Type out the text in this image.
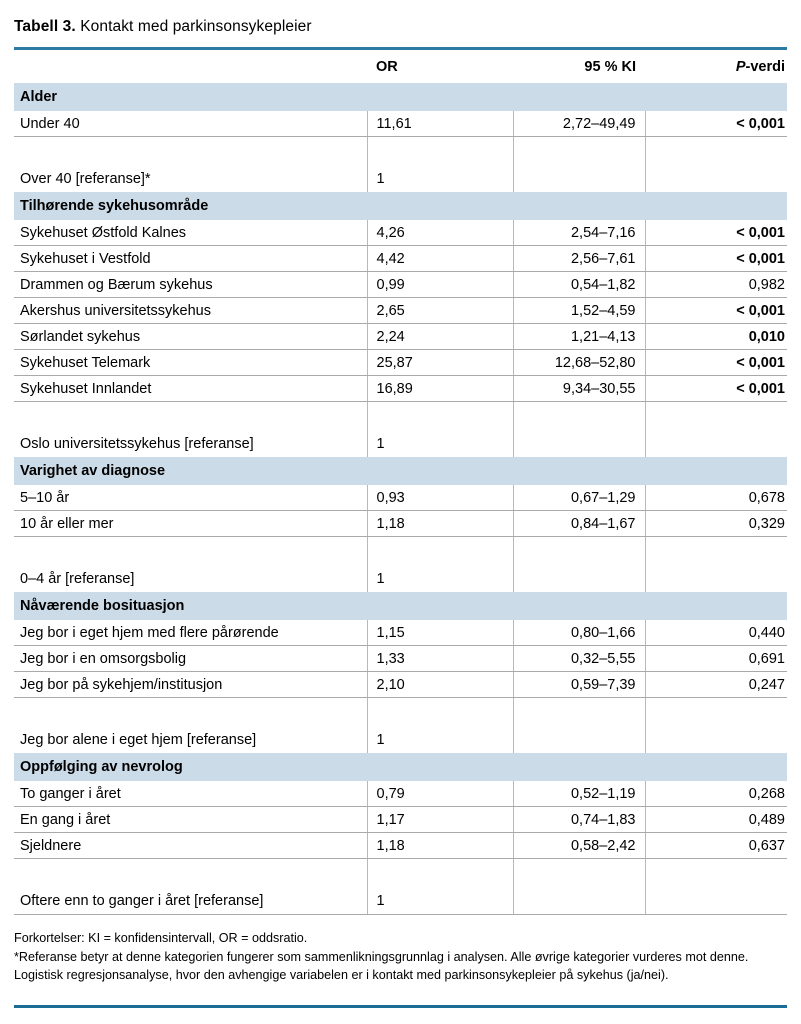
Tabell 3. Kontakt med parkinsonsykepleier
	OR	95 % KI	P-verdi
Alder			
Under 40	11,61	2,72–49,49	< 0,001
Over 40 [referanse]*	1		
Tilhørende sykehusområde			
Sykehuset Østfold Kalnes	4,26	2,54–7,16	< 0,001
Sykehuset i Vestfold	4,42	2,56–7,61	< 0,001
Drammen og Bærum sykehus	0,99	0,54–1,82	0,982
Akershus universitetssykehus	2,65	1,52–4,59	< 0,001
Sørlandet sykehus	2,24	1,21–4,13	0,010
Sykehuset Telemark	25,87	12,68–52,80	< 0,001
Sykehuset Innlandet	16,89	9,34–30,55	< 0,001
Oslo universitetssykehus [referanse]	1		
Varighet av diagnose			
5–10 år	0,93	0,67–1,29	0,678
10 år eller mer	1,18	0,84–1,67	0,329
0–4 år [referanse]	1		
Nåværende bosituasjon			
Jeg bor i eget hjem med flere pårørende	1,15	0,80–1,66	0,440
Jeg bor i en omsorgsbolig	1,33	0,32–5,55	0,691
Jeg bor på sykehjem/institusjon	2,10	0,59–7,39	0,247
Jeg bor alene i eget hjem [referanse]	1		
Oppfølging av nevrolog			
To ganger i året	0,79	0,52–1,19	0,268
En gang i året	1,17	0,74–1,83	0,489
Sjeldnere	1,18	0,58–2,42	0,637
Oftere enn to ganger i året [referanse]	1		
Forkortelser: KI = konfidensintervall, OR = oddsratio.
*Referanse betyr at denne kategorien fungerer som sammenlikningsgrunnlag i analysen. Alle øvrige kategorier vurderes mot denne.
Logistisk regresjonsanalyse, hvor den avhengige variabelen er i kontakt med parkinsonsykepleier på sykehus (ja/nei).
